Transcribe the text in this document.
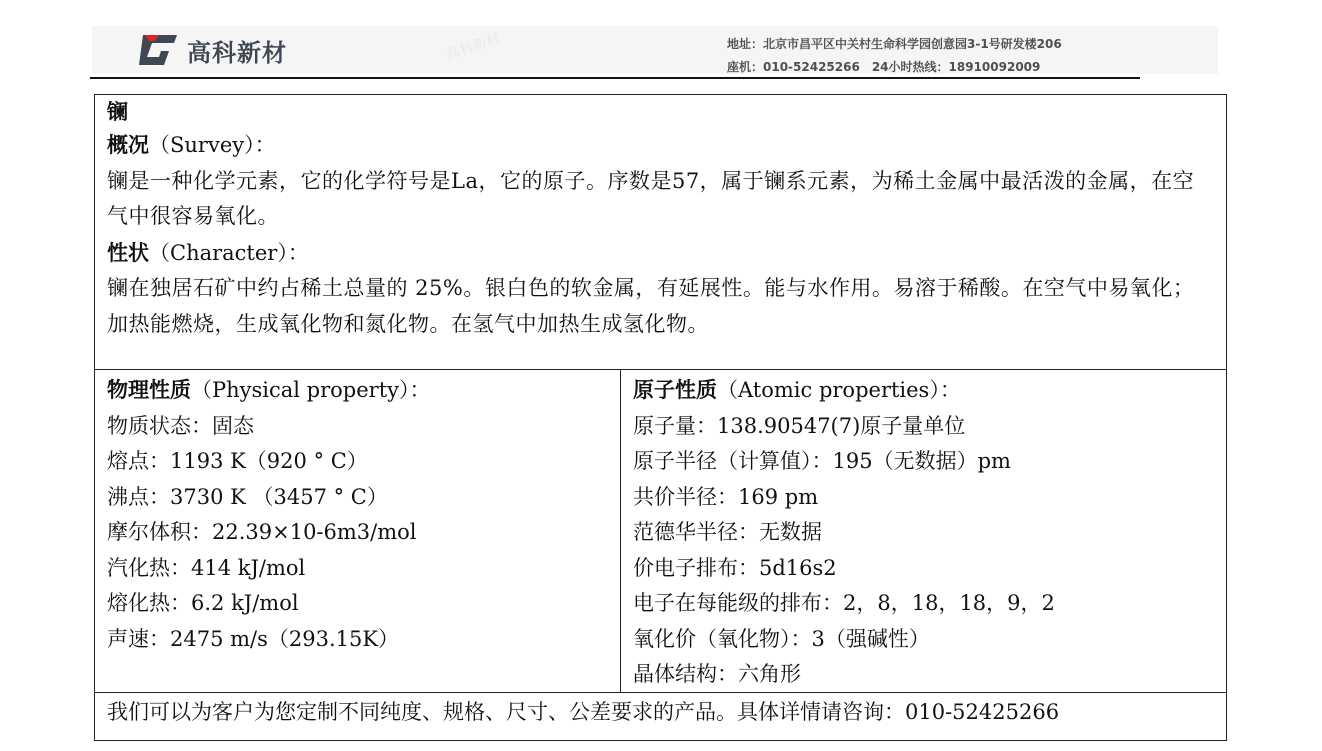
高科新材
高科新材	地址：北京市昌平区中关村生命科学园创意园3-1号研发楼206
座机：010-52425266　24小时热线：18910092009
镧
概况（Survey）：
镧是一种化学元素，它的化学符号是La，它的原子。序数是57，属于镧系元素，为稀土金属中最活泼的金属，在空气中很容易氧化。
性状（Character）：
镧在独居石矿中约占稀土总量的 25%。银白色的软金属，有延展性。能与水作用。易溶于稀酸。在空气中易氧化；加热能燃烧，生成氧化物和氮化物。在氢气中加热生成氢化物。
物理性质（Physical property）：
物质状态：固态
熔点：1193 K（920 ° C）
沸点：3730 K （3457 ° C）
摩尔体积：22.39×10-6m3/mol
汽化热：414 kJ/mol
熔化热：6.2 kJ/mol
声速：2475 m/s（293.15K）
原子性质（Atomic properties）：
原子量：138.90547(7)原子量单位
原子半径（计算值）：195（无数据）pm
共价半径：169 pm
范德华半径：无数据
价电子排布：5d16s2
电子在每能级的排布：2，8，18，18，9，2
氧化价（氧化物）：3（强碱性）
晶体结构：六角形
我们可以为客户为您定制不同纯度、规格、尺寸、公差要求的产品。具体详情请咨询：010-52425266
